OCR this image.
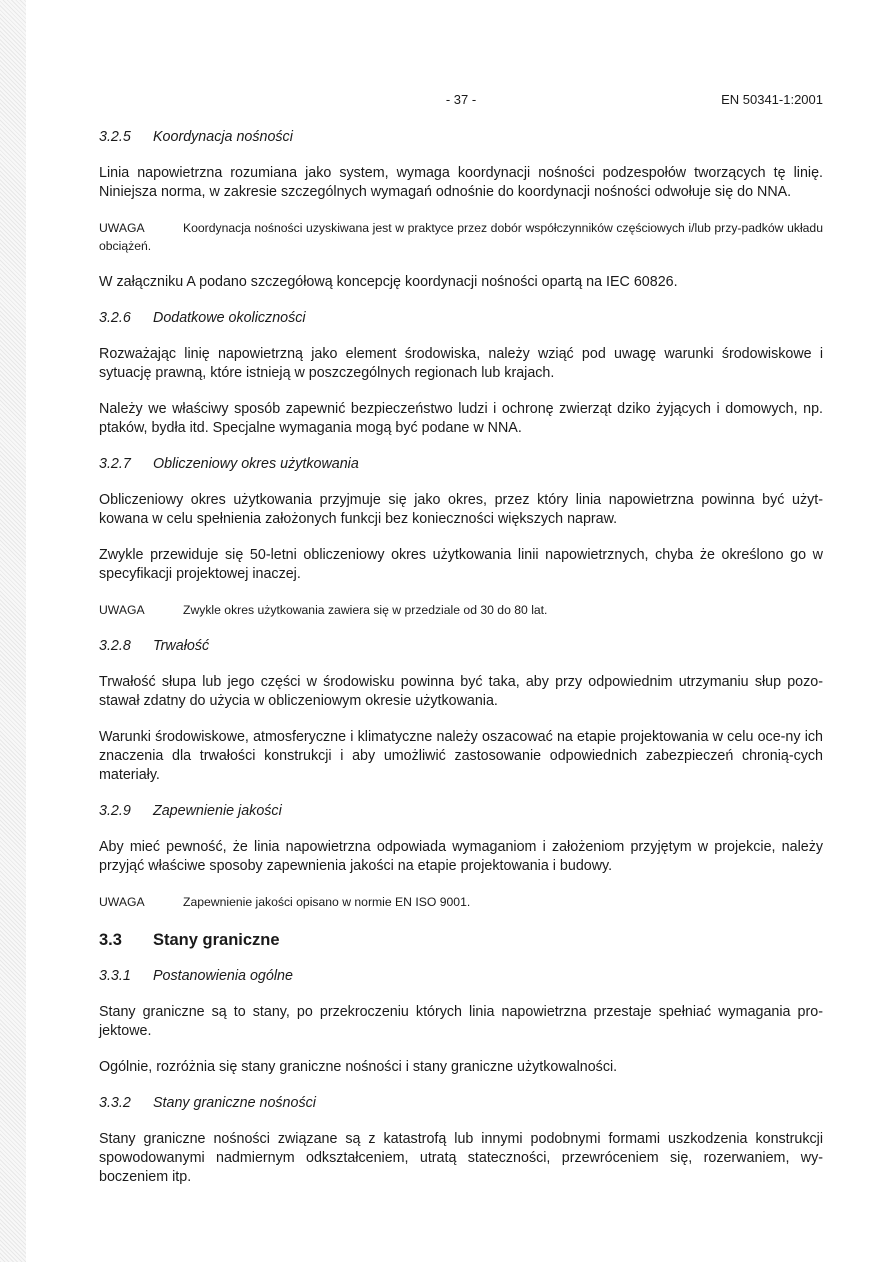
- 37 -	EN 50341-1:2001
3.2.5 Koordynacja nośności

Linia napowietrzna rozumiana jako system, wymaga koordynacji nośności podzespołów tworzących tę linię. Niniejsza norma, w zakresie szczególnych wymagań odnośnie do koordynacji nośności odwołuje się do NNA.

UWAGA	Koordynacja nośności uzyskiwana jest w praktyce przez dobór współczynników częściowych i/lub przy-padków układu obciążeń.

W załączniku A podano szczegółową koncepcję koordynacji nośności opartą na IEC 60826.

3.2.6 Dodatkowe okoliczności

Rozważając linię napowietrzną jako element środowiska, należy wziąć pod uwagę warunki środowiskowe i sytuację prawną, które istnieją w poszczególnych regionach lub krajach.

Należy we właściwy sposób zapewnić bezpieczeństwo ludzi i ochronę zwierząt dziko żyjących i domowych, np. ptaków, bydła itd. Specjalne wymagania mogą być podane w NNA.

3.2.7 Obliczeniowy okres użytkowania

Obliczeniowy okres użytkowania przyjmuje się jako okres, przez który linia napowietrzna powinna być użyt-kowana w celu spełnienia założonych funkcji bez konieczności większych napraw.

Zwykle przewiduje się 50-letni obliczeniowy okres użytkowania linii napowietrznych, chyba że określono go w specyfikacji projektowej inaczej.

UWAGA	Zwykle okres użytkowania zawiera się w przedziale od 30 do 80 lat.
3.2.8 Trwałość

Trwałość słupa lub jego części w środowisku powinna być taka, aby przy odpowiednim utrzymaniu słup pozo-stawał zdatny do użycia w obliczeniowym okresie użytkowania.

Warunki środowiskowe, atmosferyczne i klimatyczne należy oszacować na etapie projektowania w celu oce-ny ich znaczenia dla trwałości konstrukcji i aby umożliwić zastosowanie odpowiednich zabezpieczeń chronią-cych materiały.

3.2.9 Zapewnienie jakości

Aby mieć pewność, że linia napowietrzna odpowiada wymaganiom i założeniom przyjętym w projekcie, należy przyjąć właściwe sposoby zapewnienia jakości na etapie projektowania i budowy.

UWAGA	Zapewnienie jakości opisano w normie EN ISO 9001.
3.3 Stany graniczne
3.3.1 Postanowienia ogólne

Stany graniczne są to stany, po przekroczeniu których linia napowietrzna przestaje spełniać wymagania pro-jektowe.

Ogólnie, rozróżnia się stany graniczne nośności i stany graniczne użytkowalności.

3.3.2 Stany graniczne nośności

Stany graniczne nośności związane są z katastrofą lub innymi podobnymi formami uszkodzenia konstrukcji spowodowanymi nadmiernym odkształceniem, utratą stateczności, przewróceniem się, rozerwaniem, wy-boczeniem itp.
